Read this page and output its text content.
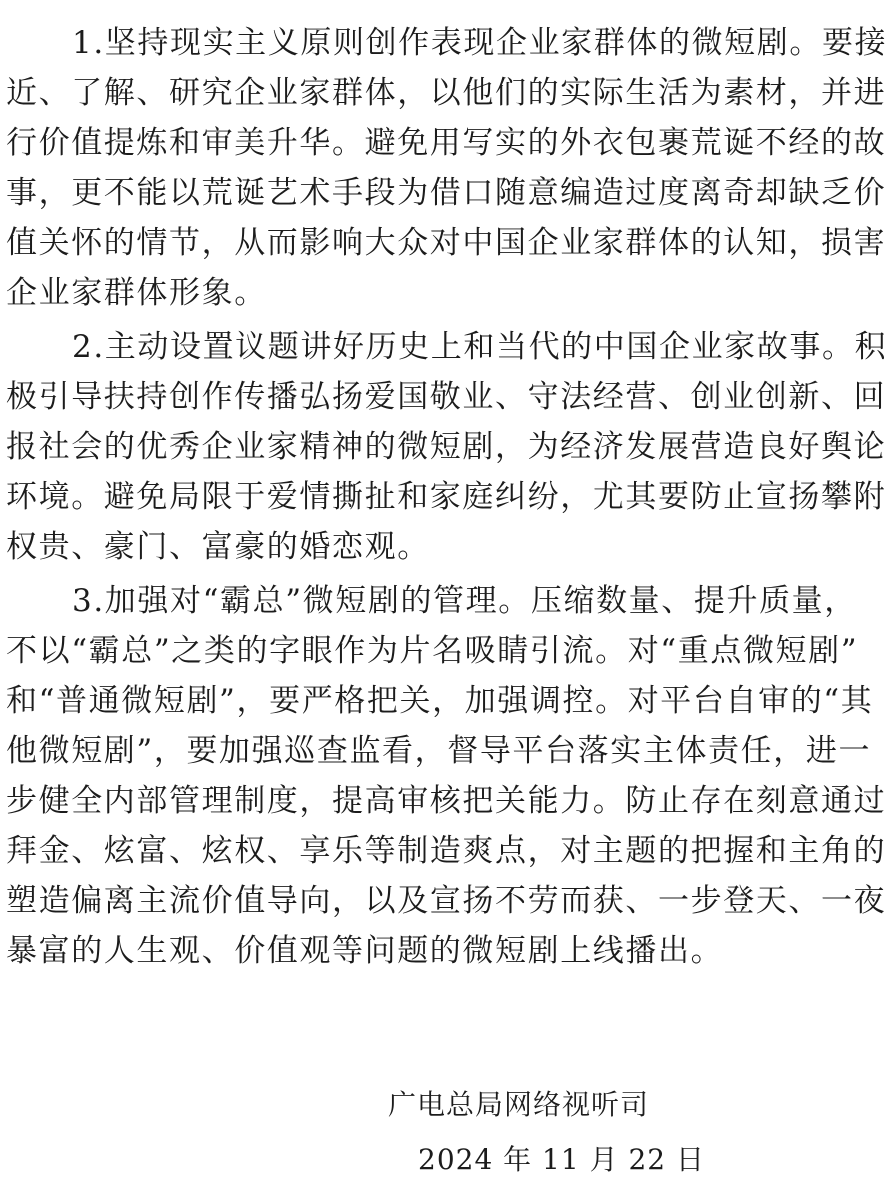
1.坚持现实主义原则创作表现企业家群体的微短剧。要接
近、了解、研究企业家群体，以他们的实际生活为素材，并进
行价值提炼和审美升华。避免用写实的外衣包裹荒诞不经的故
事，更不能以荒诞艺术手段为借口随意编造过度离奇却缺乏价
值关怀的情节，从而影响大众对中国企业家群体的认知，损害
企业家群体形象。
2.主动设置议题讲好历史上和当代的中国企业家故事。积
极引导扶持创作传播弘扬爱国敬业、守法经营、创业创新、回
报社会的优秀企业家精神的微短剧，为经济发展营造良好舆论
环境。避免局限于爱情撕扯和家庭纠纷，尤其要防止宣扬攀附
权贵、豪门、富豪的婚恋观。
3.加强对“霸总”微短剧的管理。压缩数量、提升质量，
不以“霸总”之类的字眼作为片名吸睛引流。对“重点微短剧”
和“普通微短剧”，要严格把关，加强调控。对平台自审的“其
他微短剧”，要加强巡查监看，督导平台落实主体责任，进一
步健全内部管理制度，提高审核把关能力。防止存在刻意通过
拜金、炫富、炫权、享乐等制造爽点，对主题的把握和主角的
塑造偏离主流价值导向，以及宣扬不劳而获、一步登天、一夜
暴富的人生观、价值观等问题的微短剧上线播出。
广电总局网络视听司
2024 年 11 月 22 日
